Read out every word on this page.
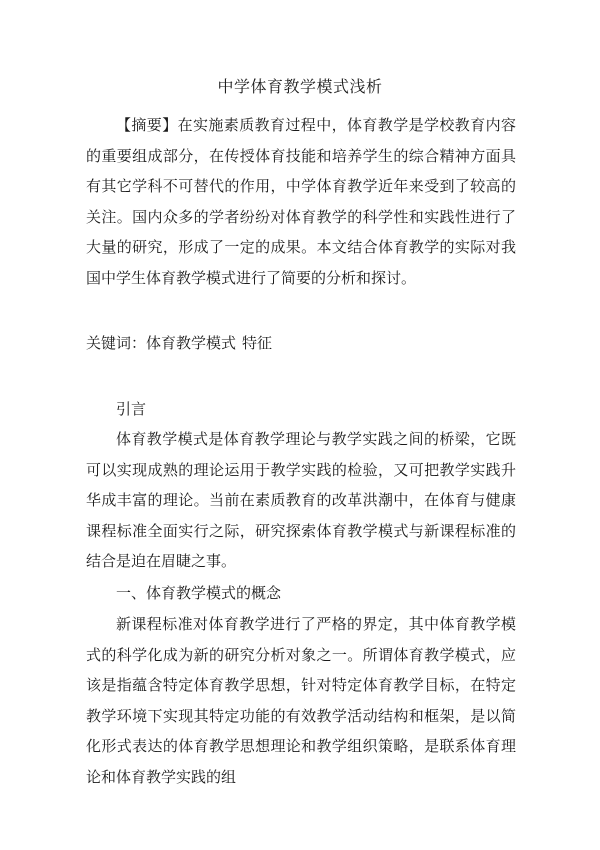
中学体育教学模式浅析

【摘要】在实施素质教育过程中，体育教学是学校教育内容的重要组成部分，在传授体育技能和培养学生的综合精神方面具有其它学科不可替代的作用，中学体育教学近年来受到了较高的关注。国内众多的学者纷纷对体育教学的科学性和实践性进行了大量的研究，形成了一定的成果。本文结合体育教学的实际对我国中学生体育教学模式进行了简要的分析和探讨。

关键词：体育教学模式 特征

引言

体育教学模式是体育教学理论与教学实践之间的桥梁，它既可以实现成熟的理论运用于教学实践的检验，又可把教学实践升华成丰富的理论。当前在素质教育的改革洪潮中，在体育与健康课程标准全面实行之际，研究探索体育教学模式与新课程标准的结合是迫在眉睫之事。

一、体育教学模式的概念

新课程标准对体育教学进行了严格的界定，其中体育教学模式的科学化成为新的研究分析对象之一。所谓体育教学模式，应该是指蕴含特定体育教学思想，针对特定体育教学目标，在特定教学环境下实现其特定功能的有效教学活动结构和框架，是以简化形式表达的体育教学思想理论和教学组织策略，是联系体育理论和体育教学实践的组
